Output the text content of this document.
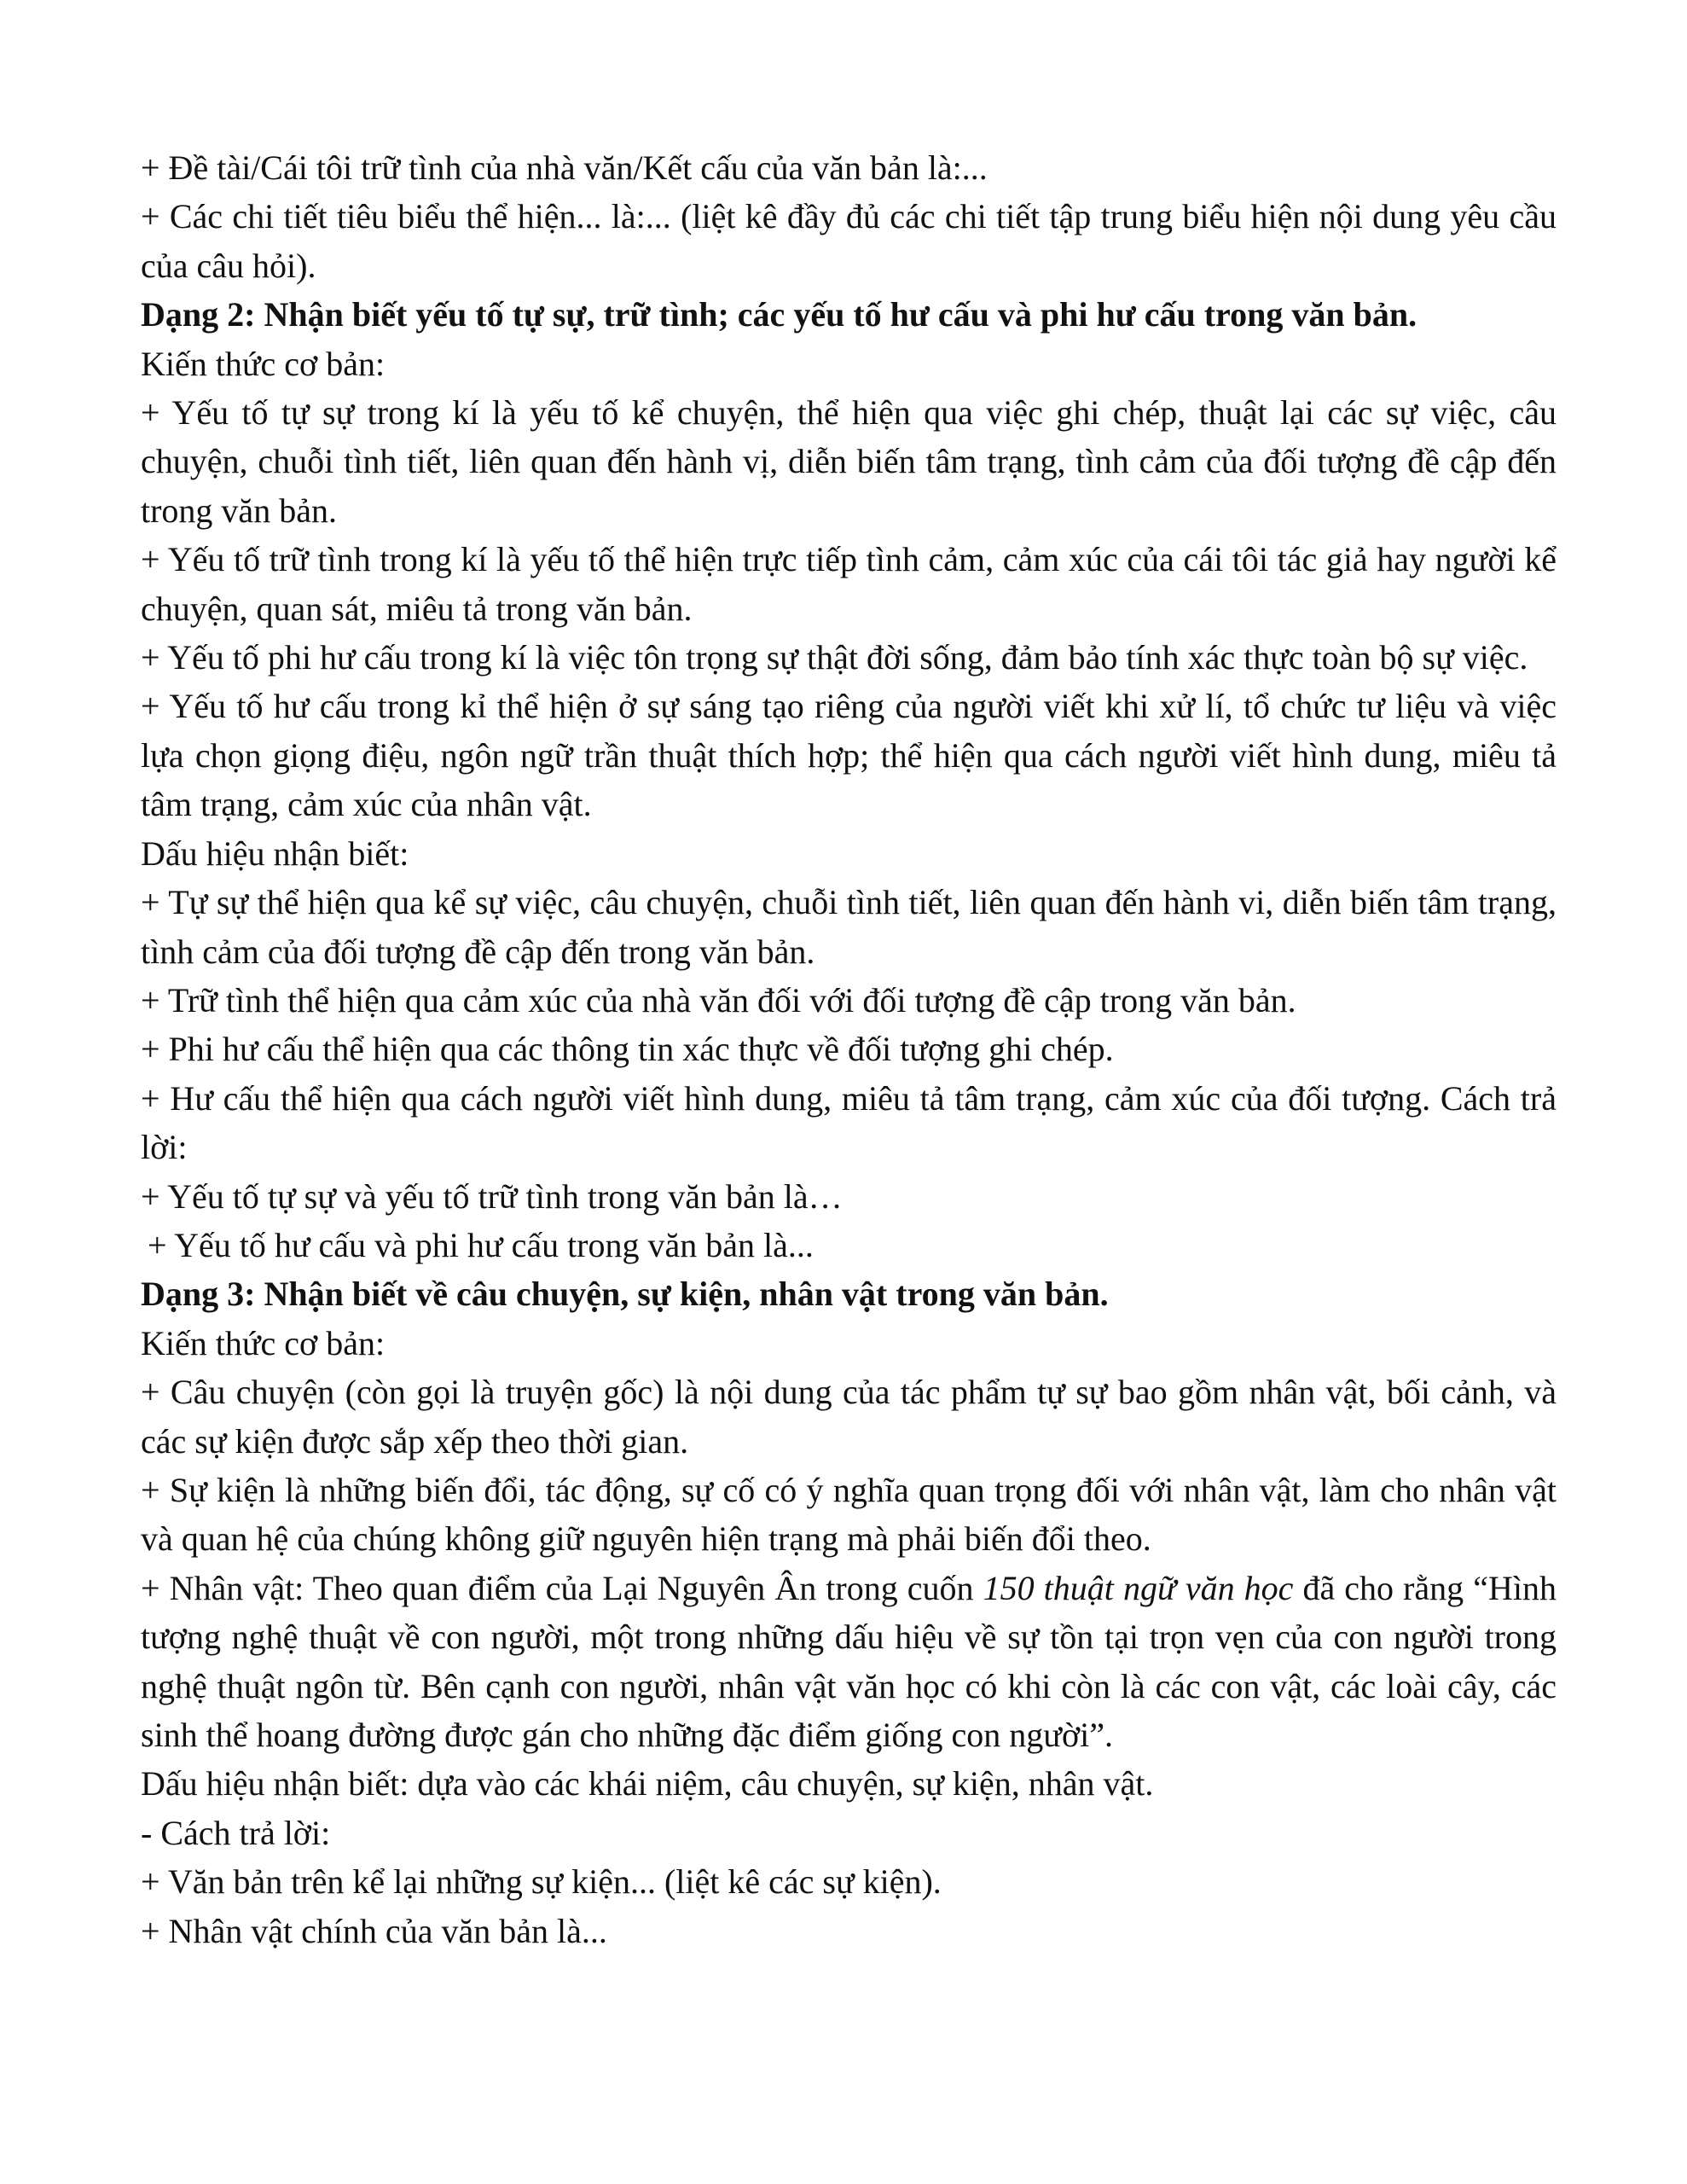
+ Đề tài/Cái tôi trữ tình của nhà văn/Kết cấu của văn bản là:...

+ Các chi tiết tiêu biểu thể hiện... là:... (liệt kê đầy đủ các chi tiết tập trung biểu hiện nội dung yêu cầu của câu hỏi).

Dạng 2: Nhận biết yếu tố tự sự, trữ tình; các yếu tố hư cấu và phi hư cấu trong văn bản.

Kiến thức cơ bản:

+ Yếu tố tự sự trong kí là yếu tố kể chuyện, thể hiện qua việc ghi chép, thuật lại các sự việc, câu chuyện, chuỗi tình tiết, liên quan đến hành vị, diễn biến tâm trạng, tình cảm của đối tượng đề cập đến trong văn bản.

+ Yếu tố trữ tình trong kí là yếu tố thể hiện trực tiếp tình cảm, cảm xúc của cái tôi tác giả hay người kể chuyện, quan sát, miêu tả trong văn bản.

+ Yếu tố phi hư cấu trong kí là việc tôn trọng sự thật đời sống, đảm bảo tính xác thực toàn bộ sự việc.

+ Yếu tố hư cấu trong kỉ thể hiện ở sự sáng tạo riêng của người viết khi xử lí, tổ chức tư liệu và việc lựa chọn giọng điệu, ngôn ngữ trần thuật thích hợp; thể hiện qua cách người viết hình dung, miêu tả tâm trạng, cảm xúc của nhân vật.

Dấu hiệu nhận biết:

+ Tự sự thể hiện qua kể sự việc, câu chuyện, chuỗi tình tiết, liên quan đến hành vi, diễn biến tâm trạng, tình cảm của đối tượng đề cập đến trong văn bản.

+ Trữ tình thể hiện qua cảm xúc của nhà văn đối với đối tượng đề cập trong văn bản.

+ Phi hư cấu thể hiện qua các thông tin xác thực về đối tượng ghi chép.

+ Hư cấu thể hiện qua cách người viết hình dung, miêu tả tâm trạng, cảm xúc của đối tượng. Cách trả lời:

+ Yếu tố tự sự và yếu tố trữ tình trong văn bản là…

+ Yếu tố hư cấu và phi hư cấu trong văn bản là...

Dạng 3: Nhận biết về câu chuyện, sự kiện, nhân vật trong văn bản.

Kiến thức cơ bản:

+ Câu chuyện (còn gọi là truyện gốc) là nội dung của tác phẩm tự sự bao gồm nhân vật, bối cảnh, và các sự kiện được sắp xếp theo thời gian.

+ Sự kiện là những biến đổi, tác động, sự cố có ý nghĩa quan trọng đối với nhân vật, làm cho nhân vật và quan hệ của chúng không giữ nguyên hiện trạng mà phải biến đổi theo.

+ Nhân vật: Theo quan điểm của Lại Nguyên Ân trong cuốn 150 thuật ngữ văn học đã cho rằng “Hình tượng nghệ thuật về con người, một trong những dấu hiệu về sự tồn tại trọn vẹn của con người trong nghệ thuật ngôn từ. Bên cạnh con người, nhân vật văn học có khi còn là các con vật, các loài cây, các sinh thể hoang đường được gán cho những đặc điểm giống con người”.

Dấu hiệu nhận biết: dựa vào các khái niệm, câu chuyện, sự kiện, nhân vật.

- Cách trả lời:

+ Văn bản trên kể lại những sự kiện... (liệt kê các sự kiện).

+ Nhân vật chính của văn bản là...
